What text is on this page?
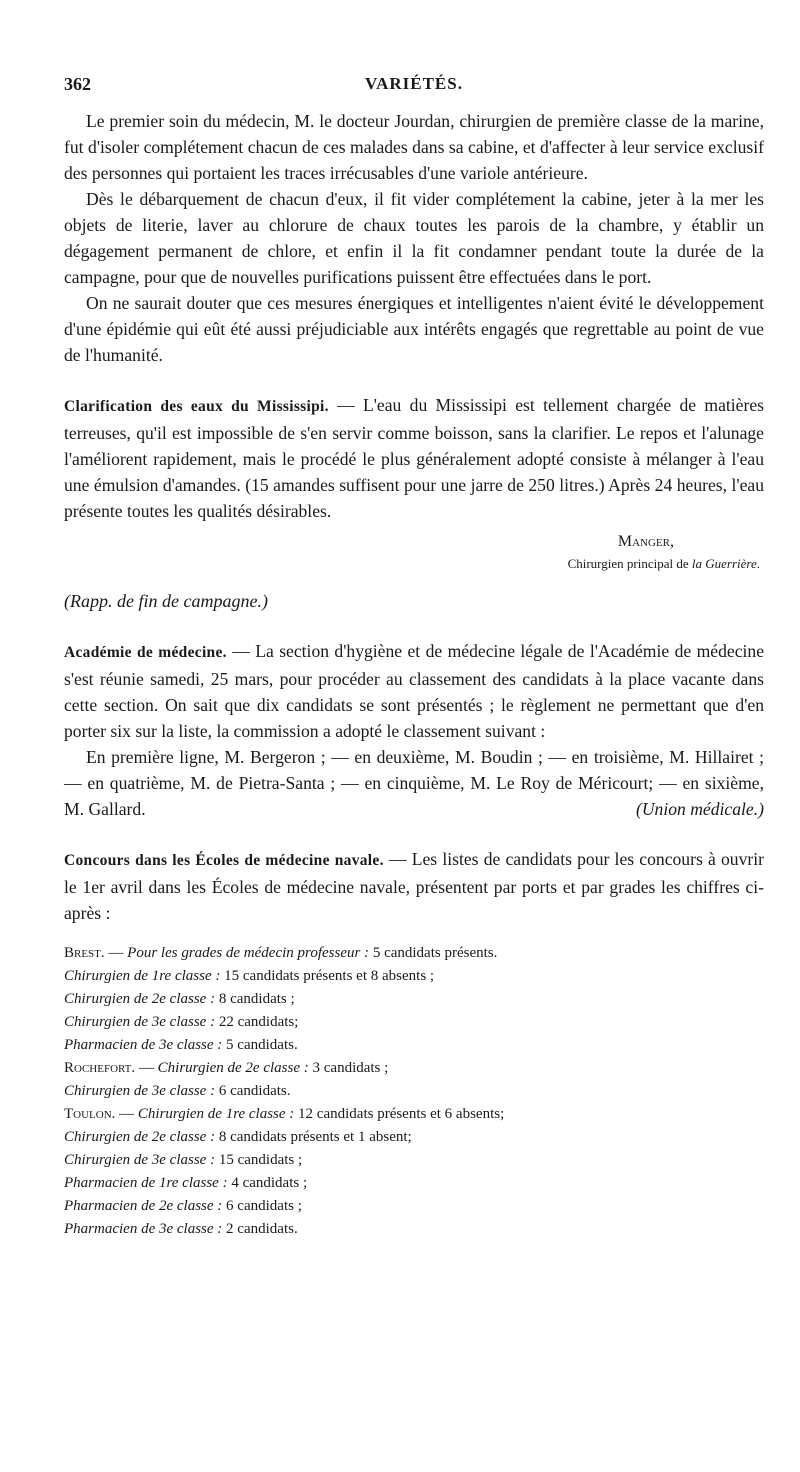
362	VARIÉTÉS.

Le premier soin du médecin, M. le docteur Jourdan, chirurgien de première classe de la marine, fut d'isoler complétement chacun de ces malades dans sa cabine, et d'affecter à leur service exclusif des personnes qui portaient les traces irrécusables d'une variole antérieure.

Dès le débarquement de chacun d'eux, il fit vider complétement la cabine, jeter à la mer les objets de literie, laver au chlorure de chaux toutes les parois de la chambre, y établir un dégagement permanent de chlore, et enfin il la fit condamner pendant toute la durée de la campagne, pour que de nouvelles purifications puissent être effectuées dans le port.

On ne saurait douter que ces mesures énergiques et intelligentes n'aient évité le développement d'une épidémie qui eût été aussi préjudiciable aux intérêts engagés que regrettable au point de vue de l'humanité.

Clarification des eaux du Mississipi. — L'eau du Mississipi est tellement chargée de matières terreuses, qu'il est impossible de s'en servir comme boisson, sans la clarifier. Le repos et l'alunage l'améliorent rapidement, mais le procédé le plus généralement adopté consiste à mélanger à l'eau une émulsion d'amandes. (15 amandes suffisent pour une jarre de 250 litres.) Après 24 heures, l'eau présente toutes les qualités désirables.

Manger,
Chirurgien principal de la Guerrière.
(Rapp. de fin de campagne.)

Académie de médecine. — La section d'hygiène et de médecine légale de l'Académie de médecine s'est réunie samedi, 25 mars, pour procéder au classement des candidats à la place vacante dans cette section. On sait que dix candidats se sont présentés ; le règlement ne permettant que d'en porter six sur la liste, la commission a adopté le classement suivant :

En première ligne, M. Bergeron ; — en deuxième, M. Boudin ; — en troisième, M. Hillairet ; — en quatrième, M. de Pietra-Santa ; — en cinquième, M. Le Roy de Méricourt; — en sixième, M. Gallard.	(Union médicale.)

Concours dans les Écoles de médecine navale. — Les listes de candidats pour les concours à ouvrir le 1er avril dans les Écoles de médecine navale, présentent par ports et par grades les chiffres ci-après :

Brest. — Pour les grades de médecin professeur : 5 candidats présents.
Chirurgien de 1re classe : 15 candidats présents et 8 absents ;
Chirurgien de 2e classe : 8 candidats ;
Chirurgien de 3e classe : 22 candidats;
Pharmacien de 3e classe : 5 candidats.
Rochefort. — Chirurgien de 2e classe : 3 candidats ;
Chirurgien de 3e classe : 6 candidats.
Toulon. — Chirurgien de 1re classe : 12 candidats présents et 6 absents;
Chirurgien de 2e classe : 8 candidats présents et 1 absent;
Chirurgien de 3e classe : 15 candidats ;
Pharmacien de 1re classe : 4 candidats ;
Pharmacien de 2e classe : 6 candidats ;
Pharmacien de 3e classe : 2 candidats.
